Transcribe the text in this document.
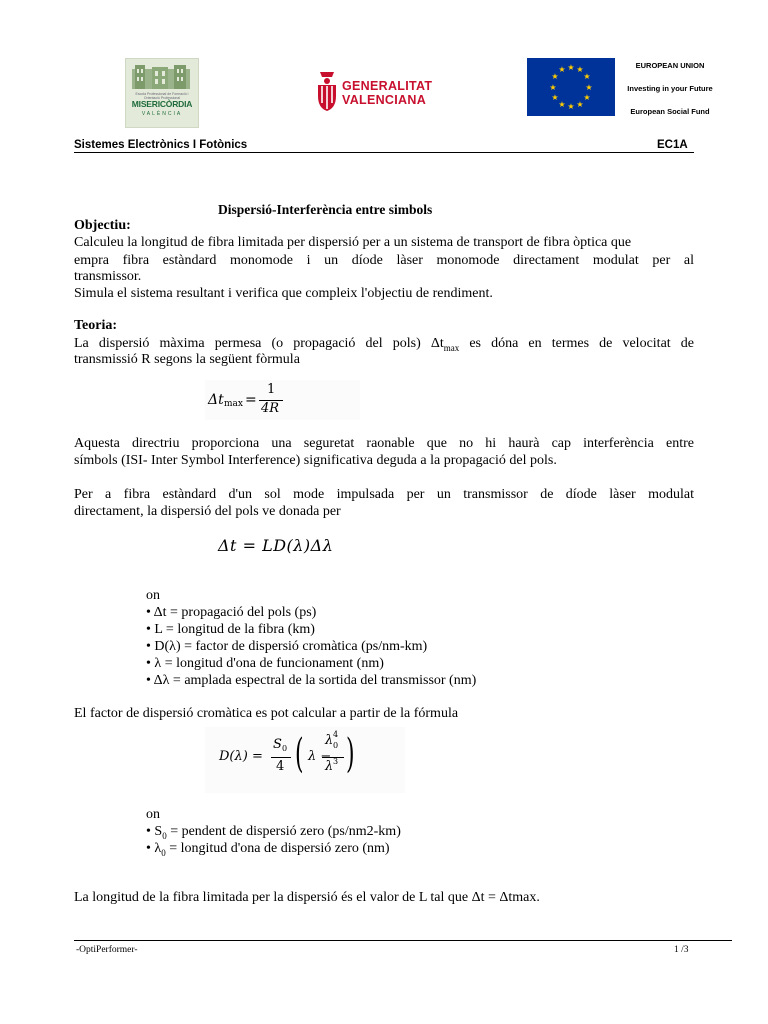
Escola Professional de Formació i Orientació Professional
MISERICÒRDIA
VALÈNCIA
GENERALITAT
VALENCIANA
★ ★
★
★
★
★
★
★
★
★
★
★	EUROPEAN UNION
Investing in your Future
European Social Fund
Sistemes Electrònics I Fotònics	EC1A
Dispersió-Interferència entre simbols
Objectiu:
Calculeu la longitud de fibra limitada per dispersió per a un sistema de transport de fibra òptica que
empra fibra estàndard monomode i un díode làser monomode directament modulat per al
transmissor.
Simula el sistema resultant i verifica que compleix l'objectiu de rendiment.
Teoria:
La dispersió màxima permesa (o propagació del pols) $\Delta t_{max}$ es dóna en termes de velocitat de
transmissió R segons la següent fòrmula
Δt max =
1
4R
Aquesta directriu proporciona una seguretat raonable que no hi haurà cap interferència entre
símbols (ISI- Inter Symbol Interference) significativa deguda a la propagació del pols.
Per a fibra estàndard d'un sol mode impulsada per un transmissor de díode làser modulat
directament, la dispersió del pols ve donada per
Δt = LD(λ)Δλ
on
• Δt = propagació del pols (ps)
• L = longitud de la fibra (km)
• D(λ) = factor de dispersió cromàtica (ps/nm-km)
• λ = longitud d'ona de funcionament (nm)
• Δλ = amplada espectral de la sortida del transmissor (nm)
El factor de dispersió cromàtica es pot calcular a partir de la fórmula
D(λ) =
S 0
4 ( λ −
λ 4
0
λ 3 )
on
• $S_0$ = pendent de dispersió zero (ps/nm2-km)
• $\lambda_0$ = longitud d'ona de dispersió zero (nm)
La longitud de la fibra limitada per la dispersió és el valor de L tal que Δt = Δtmax.
-OptiPerformer-	1 /3
